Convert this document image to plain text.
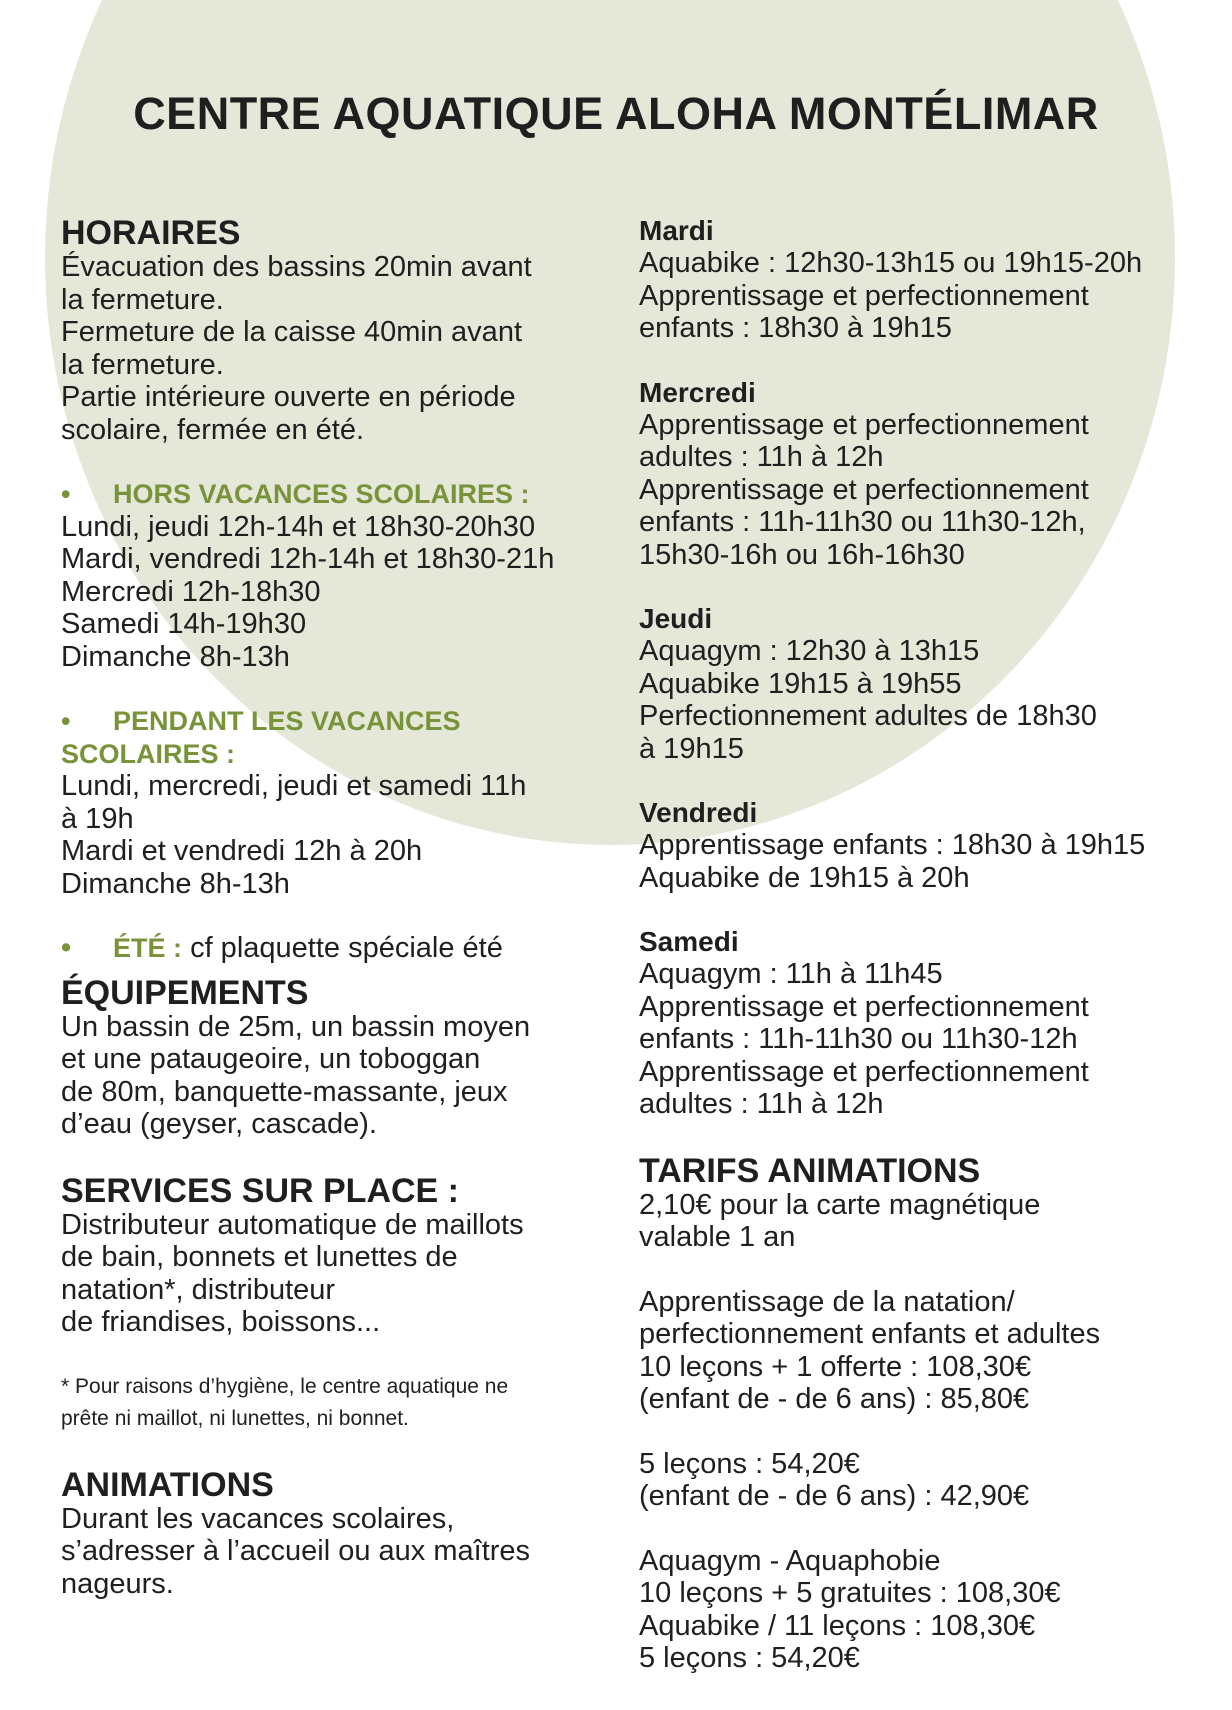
CENTRE AQUATIQUE ALOHA MONTÉLIMAR
HORAIRES

Évacuation des bassins 20min avant

la fermeture.

Fermeture de la caisse 40min avant

la fermeture.

Partie intérieure ouverte en période

scolaire, fermée en été.

• HORS VACANCES SCOLAIRES :

Lundi, jeudi 12h-14h et 18h30-20h30

Mardi, vendredi 12h-14h et 18h30-21h

Mercredi 12h-18h30

Samedi 14h-19h30

Dimanche 8h-13h

• PENDANT LES VACANCES

SCOLAIRES :

Lundi, mercredi, jeudi et samedi 11h

à 19h

Mardi et vendredi 12h à 20h

Dimanche 8h-13h

• ÉTÉ : cf plaquette spéciale été

ÉQUIPEMENTS

Un bassin de 25m, un bassin moyen

et une pataugeoire, un toboggan

de 80m, banquette-massante, jeux

d’eau (geyser, cascade).

SERVICES SUR PLACE :

Distributeur automatique de maillots

de bain, bonnets et lunettes de

natation*, distributeur

de friandises, boissons...

* Pour raisons d’hygiène, le centre aquatique ne

prête ni maillot, ni lunettes, ni bonnet.

ANIMATIONS

Durant les vacances scolaires,

s’adresser à l’accueil ou aux maîtres

nageurs.

Mardi

Aquabike : 12h30-13h15 ou 19h15-20h

Apprentissage et perfectionnement

enfants : 18h30 à 19h15

Mercredi

Apprentissage et perfectionnement

adultes : 11h à 12h

Apprentissage et perfectionnement

enfants : 11h-11h30 ou 11h30-12h,

15h30-16h ou 16h-16h30

Jeudi

Aquagym : 12h30 à 13h15

Aquabike 19h15 à 19h55

Perfectionnement adultes de 18h30

à 19h15

Vendredi

Apprentissage enfants : 18h30 à 19h15

Aquabike de 19h15 à 20h

Samedi

Aquagym : 11h à 11h45

Apprentissage et perfectionnement

enfants : 11h-11h30 ou 11h30-12h

Apprentissage et perfectionnement

adultes : 11h à 12h

TARIFS ANIMATIONS

2,10€ pour la carte magnétique

valable 1 an

Apprentissage de la natation/

perfectionnement enfants et adultes

10 leçons + 1 offerte : 108,30€

(enfant de - de 6 ans) : 85,80€

5 leçons : 54,20€

(enfant de - de 6 ans) : 42,90€

Aquagym - Aquaphobie

10 leçons + 5 gratuites : 108,30€

Aquabike / 11 leçons : 108,30€

5 leçons : 54,20€
